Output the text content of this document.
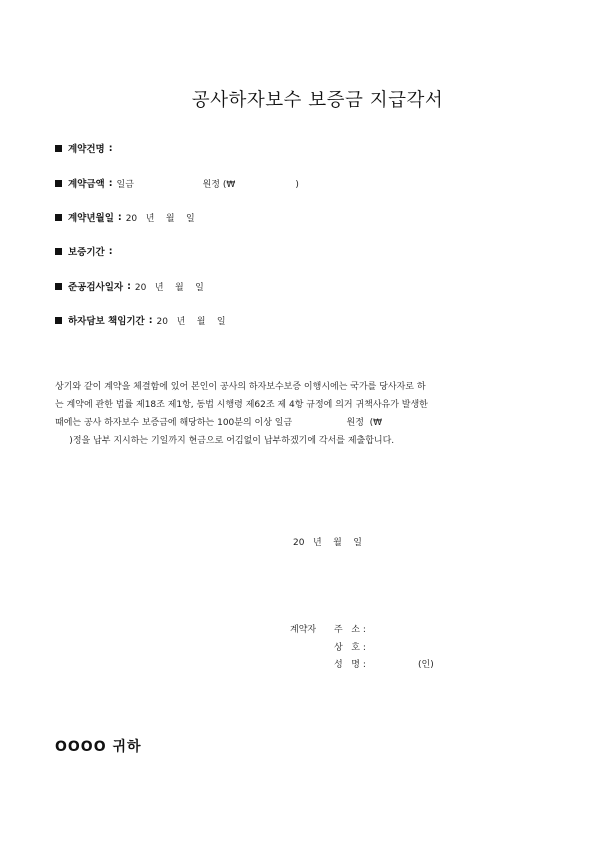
공사하자보수 보증금 지급각서
계약건명 :
계약금액 : 일금                        원정 (₩                     )
계약년월일 : 20   년    월    일
보증기간 :
준공검사일자 : 20   년    월    일
하자담보 책임기간 : 20   년    월    일

상기와 같이 계약을 체결함에 있어 본인이 공사의 하자보수보증 이행시에는 국가를 당사자로 하
는 계약에 관한 법률 제18조 제1항, 동법 시행령 제62조 제 4항 규정에 의거 귀책사유가 발생한
때에는 공사 하자보수 보증금에 해당하는 100분의 이상 일금                   원정  (₩
)정을 납부 지시하는 기일까지 현금으로 어김없이 납부하겠기에 각서를 제출합니다.

20   년    월    일
계약자 주   소 :
상   호 :
성   명 :	(인)
OOOO 귀하
